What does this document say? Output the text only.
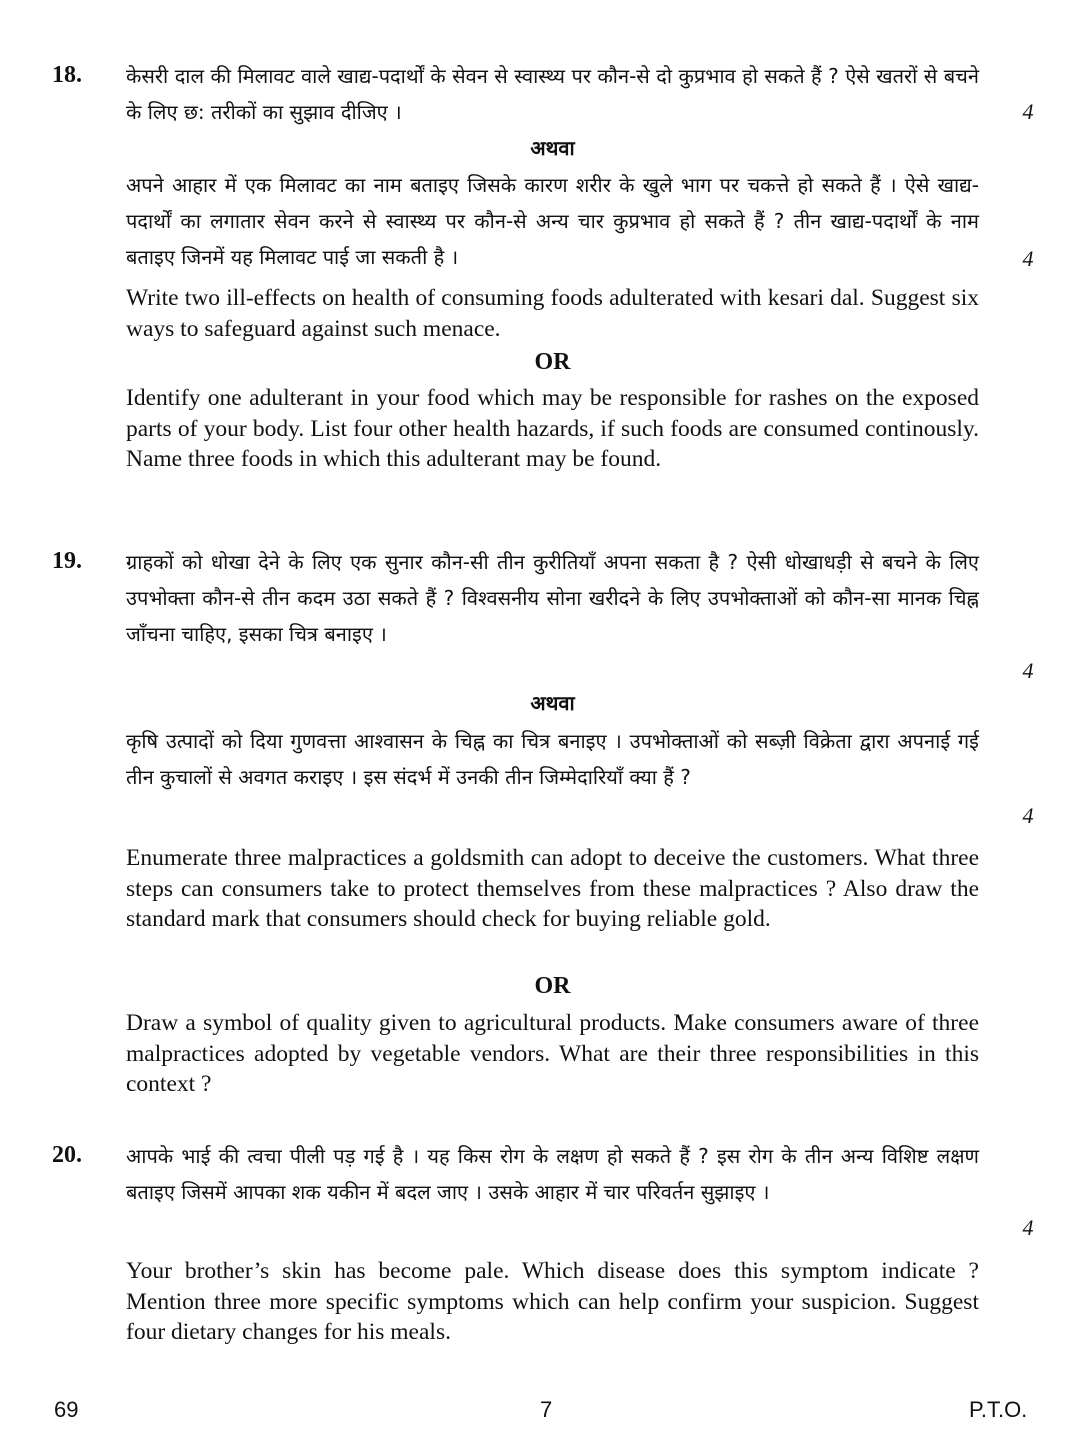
18. केसरी दाल की मिलावट वाले खाद्य-पदार्थों के सेवन से स्वास्थ्य पर कौन-से दो कुप्रभाव हो सकते हैं ? ऐसे खतरों से बचने के लिए छ: तरीकों का सुझाव दीजिए ।	4
अथवा
अपने आहार में एक मिलावट का नाम बताइए जिसके कारण शरीर के खुले भाग पर चकत्ते हो सकते हैं । ऐसे खाद्य-पदार्थों का लगातार सेवन करने से स्वास्थ्य पर कौन-से अन्य चार कुप्रभाव हो सकते हैं ? तीन खाद्य-पदार्थों के नाम बताइए जिनमें यह मिलावट पाई जा सकती है ।	4
Write two ill-effects on health of consuming foods adulterated with kesari dal. Suggest six ways to safeguard against such menace.
OR
Identify one adulterant in your food which may be responsible for rashes on the exposed parts of your body. List four other health hazards, if such foods are consumed continously. Name three foods in which this adulterant may be found.
19. ग्राहकों को धोखा देने के लिए एक सुनार कौन-सी तीन कुरीतियाँ अपना सकता है ? ऐसी धोखाधड़ी से बचने के लिए उपभोक्ता कौन-से तीन कदम उठा सकते हैं ? विश्वसनीय सोना खरीदने के लिए उपभोक्ताओं को कौन-सा मानक चिह्न जाँचना चाहिए, इसका चित्र बनाइए ।
4
अथवा
कृषि उत्पादों को दिया गुणवत्ता आश्वासन के चिह्न का चित्र बनाइए । उपभोक्ताओं को सब्ज़ी विक्रेता द्वारा अपनाई गई तीन कुचालों से अवगत कराइए । इस संदर्भ में उनकी तीन जिम्मेदारियाँ क्या हैं ?
4
Enumerate three malpractices a goldsmith can adopt to deceive the customers. What three steps can consumers take to protect themselves from these malpractices ? Also draw the standard mark that consumers should check for buying reliable gold.
OR
Draw a symbol of quality given to agricultural products. Make consumers aware of three malpractices adopted by vegetable vendors. What are their three responsibilities in this context ?
20. आपके भाई की त्वचा पीली पड़ गई है । यह किस रोग के लक्षण हो सकते हैं ? इस रोग के तीन अन्य विशिष्ट लक्षण बताइए जिसमें आपका शक यकीन में बदल जाए । उसके आहार में चार परिवर्तन सुझाइए ।
4
Your brother’s skin has become pale. Which disease does this symptom indicate ? Mention three more specific symptoms which can help confirm your suspicion. Suggest four dietary changes for his meals.
69	7	P.T.O.
